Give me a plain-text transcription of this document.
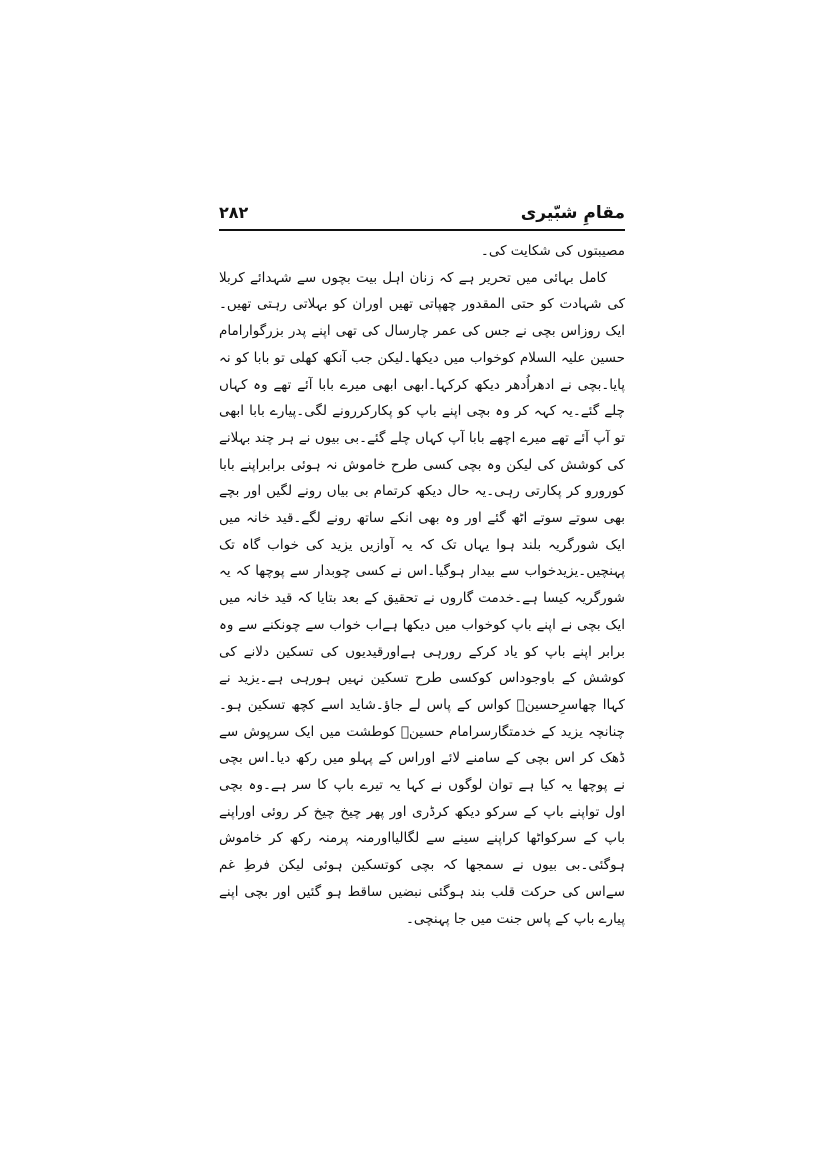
مقامِ شبّیری
۲۸۲

مصیبتوں کی شکایت کی۔

کامل بہائی میں تحریر ہے کہ زنان اہل بیت بچوں سے شہدائے کربلا کی شہادت کو حتی المقدور چھپاتی تھیں اوران کو بہلاتی رہتی تھیں۔ایک روزاس بچی نے جس کی عمر چارسال کی تھی اپنے پدر بزرگوارامام حسین علیہ السلام کوخواب میں دیکھا۔لیکن جب آنکھ کھلی تو بابا کو نہ پایا۔بچی نے ادھراُدھر دیکھ کرکہا۔ابھی ابھی میرے بابا آئے تھے وہ کہاں چلے گئے۔یہ کہہ کر وہ بچی اپنے باپ کو پکارکررونے لگی۔پیارے بابا ابھی تو آپ آئے تھے میرے اچھے بابا آپ کہاں چلے گئے۔بی بیوں نے ہر چند بہلانے کی کوشش کی لیکن وہ بچی کسی طرح خاموش نہ ہوئی برابراپنے بابا کورورو کر پکارتی رہی۔یہ حال دیکھ کرتمام بی بیاں رونے لگیں اور بچے بھی سوتے سوتے اٹھ گئے اور وہ بھی انکے ساتھ رونے لگے۔قید خانہ میں ایک شورگریہ بلند ہوا یہاں تک کہ یہ آوازیں یزید کی خواب گاہ تک پہنچیں۔یزیدخواب سے بیدار ہوگیا۔اس نے کسی چوبدار سے پوچھا کہ یہ شورگریہ کیسا ہے۔خدمت گاروں نے تحقیق کے بعد بتایا کہ قید خانہ میں ایک بچی نے اپنے باپ کوخواب میں دیکھا ہےاب خواب سے چونکنے سے وہ برابر اپنے باپ کو یاد کرکے رورہی ہےاورقیدیوں کی تسکین دلانے کی کوشش کے باوجوداس کوکسی طرح تسکین نہیں ہورہی ہے۔یزید نے کہاا چھاسرِحسینؑ کواس کے پاس لے جاؤ۔شاید اسے کچھ تسکین ہو۔چنانچہ یزید کے خدمتگارسرامام حسینؑ کوطشت میں ایک سرپوش سے ڈھک کر اس بچی کے سامنے لائے اوراس کے پہلو میں رکھ دیا۔اس بچی نے پوچھا یہ کیا ہے توان لوگوں نے کہا یہ تیرے باپ کا سر ہے۔وہ بچی اول تواپنے باپ کے سرکو دیکھ کرڈری اور پھر چیخ چیخ کر روئی اوراپنے باپ کے سرکواٹھا کراپنے سینے سے لگالیااورمنہ پرمنہ رکھ کر خاموش ہوگئی۔بی بیوں نے سمجھا کہ بچی کوتسکین ہوئی لیکن فرطِ غم سےاس کی حرکت قلب بند ہوگئی نبضیں ساقط ہو گئیں اور بچی اپنے پیارے باپ کے پاس جنت میں جا پہنچی۔
